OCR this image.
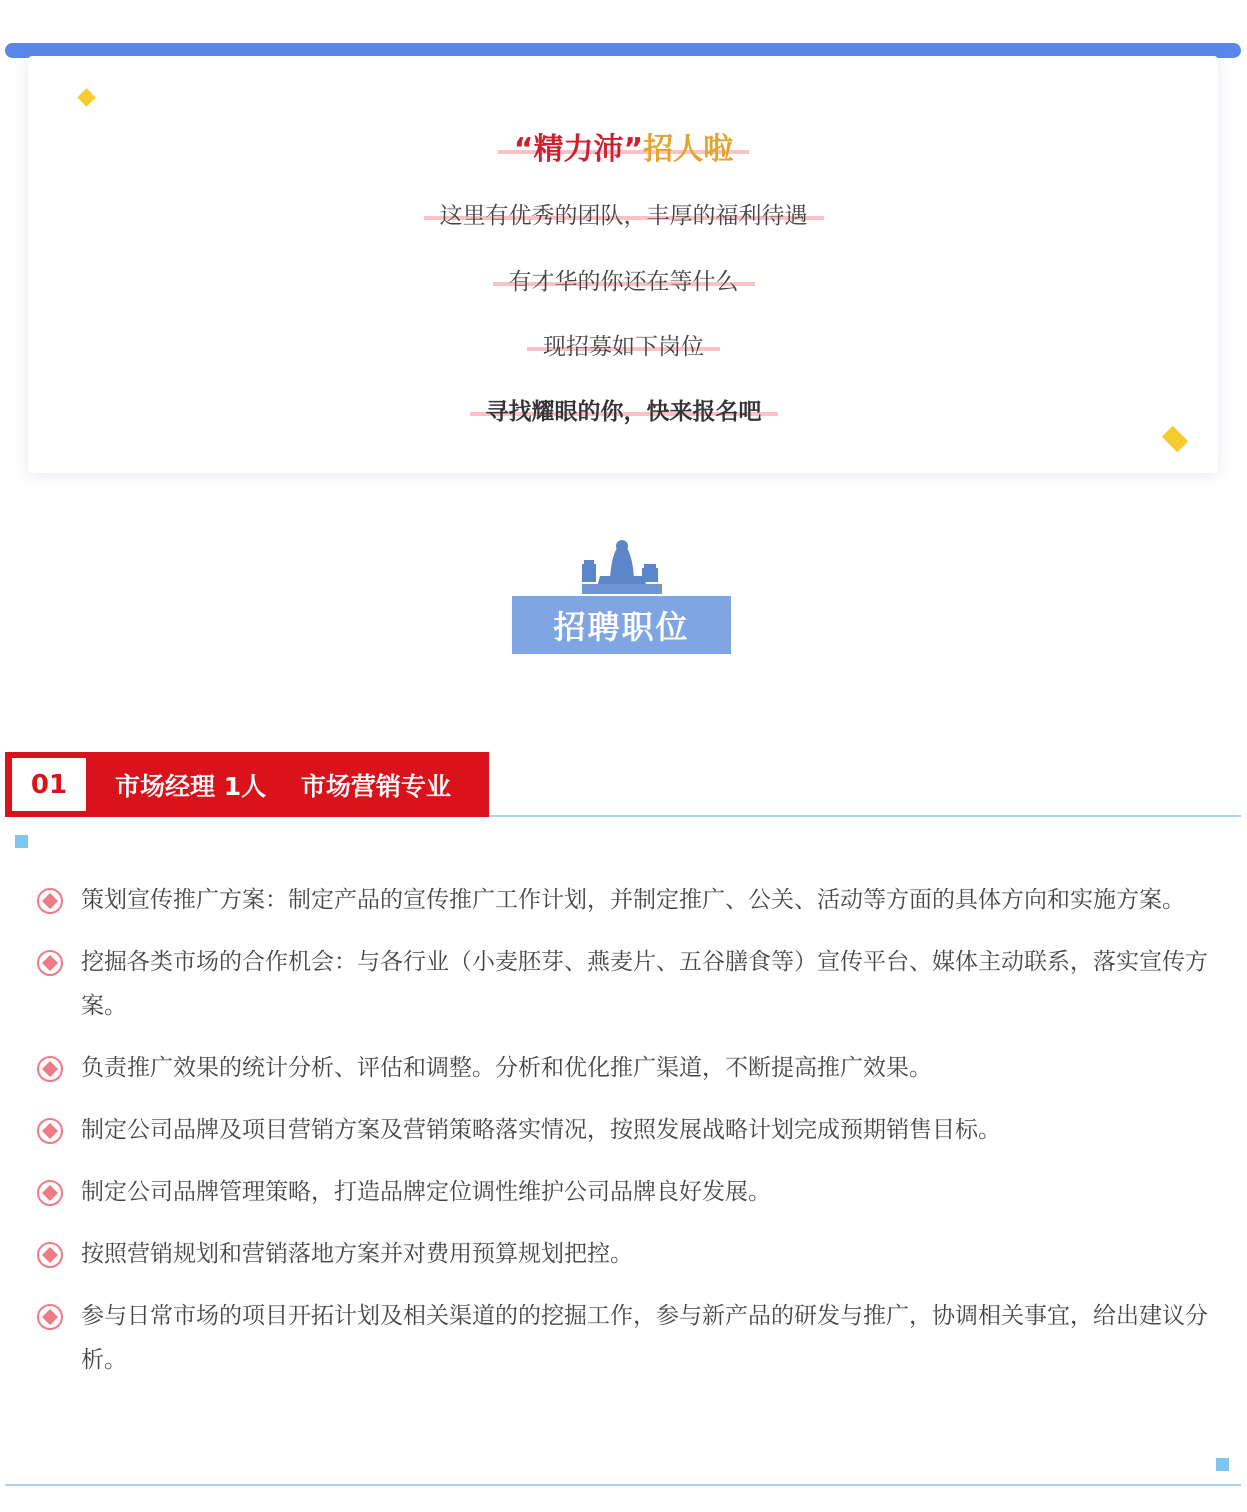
“精力沛”招人啦
这里有优秀的团队，丰厚的福利待遇
有才华的你还在等什么
现招募如下岗位
寻找耀眼的你，快来报名吧
招聘职位
01	市场经理 1人    市场营销专业
策划宣传推广方案：制定产品的宣传推广工作计划，并制定推广、公关、活动等方面的具体方向和实施方案。
挖掘各类市场的合作机会：与各行业（小麦胚芽、燕麦片、五谷膳食等）宣传平台、媒体主动联系，落实宣传方案。
负责推广效果的统计分析、评估和调整。分析和优化推广渠道，不断提高推广效果。
制定公司品牌及项目营销方案及营销策略落实情况，按照发展战略计划完成预期销售目标。
制定公司品牌管理策略，打造品牌定位调性维护公司品牌良好发展。
按照营销规划和营销落地方案并对费用预算规划把控。
参与日常市场的项目开拓计划及相关渠道的的挖掘工作，参与新产品的研发与推广，协调相关事宜，给出建议分析。
